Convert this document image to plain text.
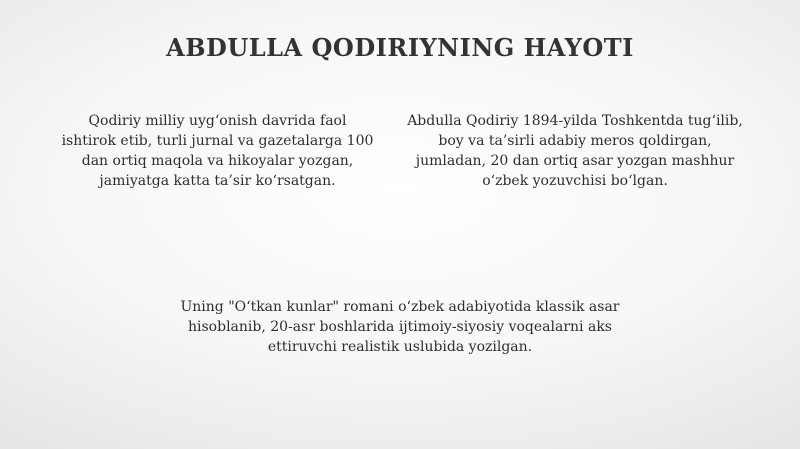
ABDULLA QODIRIYNING HAYOTI

Qodiriy milliy uygʻonish davrida faol
ishtirok etib, turli jurnal va gazetalarga 100
dan ortiq maqola va hikoyalar yozgan,
jamiyatga katta ta’sir koʻrsatgan.

Abdulla Qodiriy 1894-yilda Toshkentda tugʻilib,
boy va ta’sirli adabiy meros qoldirgan,
jumladan, 20 dan ortiq asar yozgan mashhur
oʻzbek yozuvchisi boʻlgan.

Uning "Oʻtkan kunlar" romani oʻzbek adabiyotida klassik asar
hisoblanib, 20-asr boshlarida ijtimoiy-siyosiy voqealarni aks
ettiruvchi realistik uslubida yozilgan.
